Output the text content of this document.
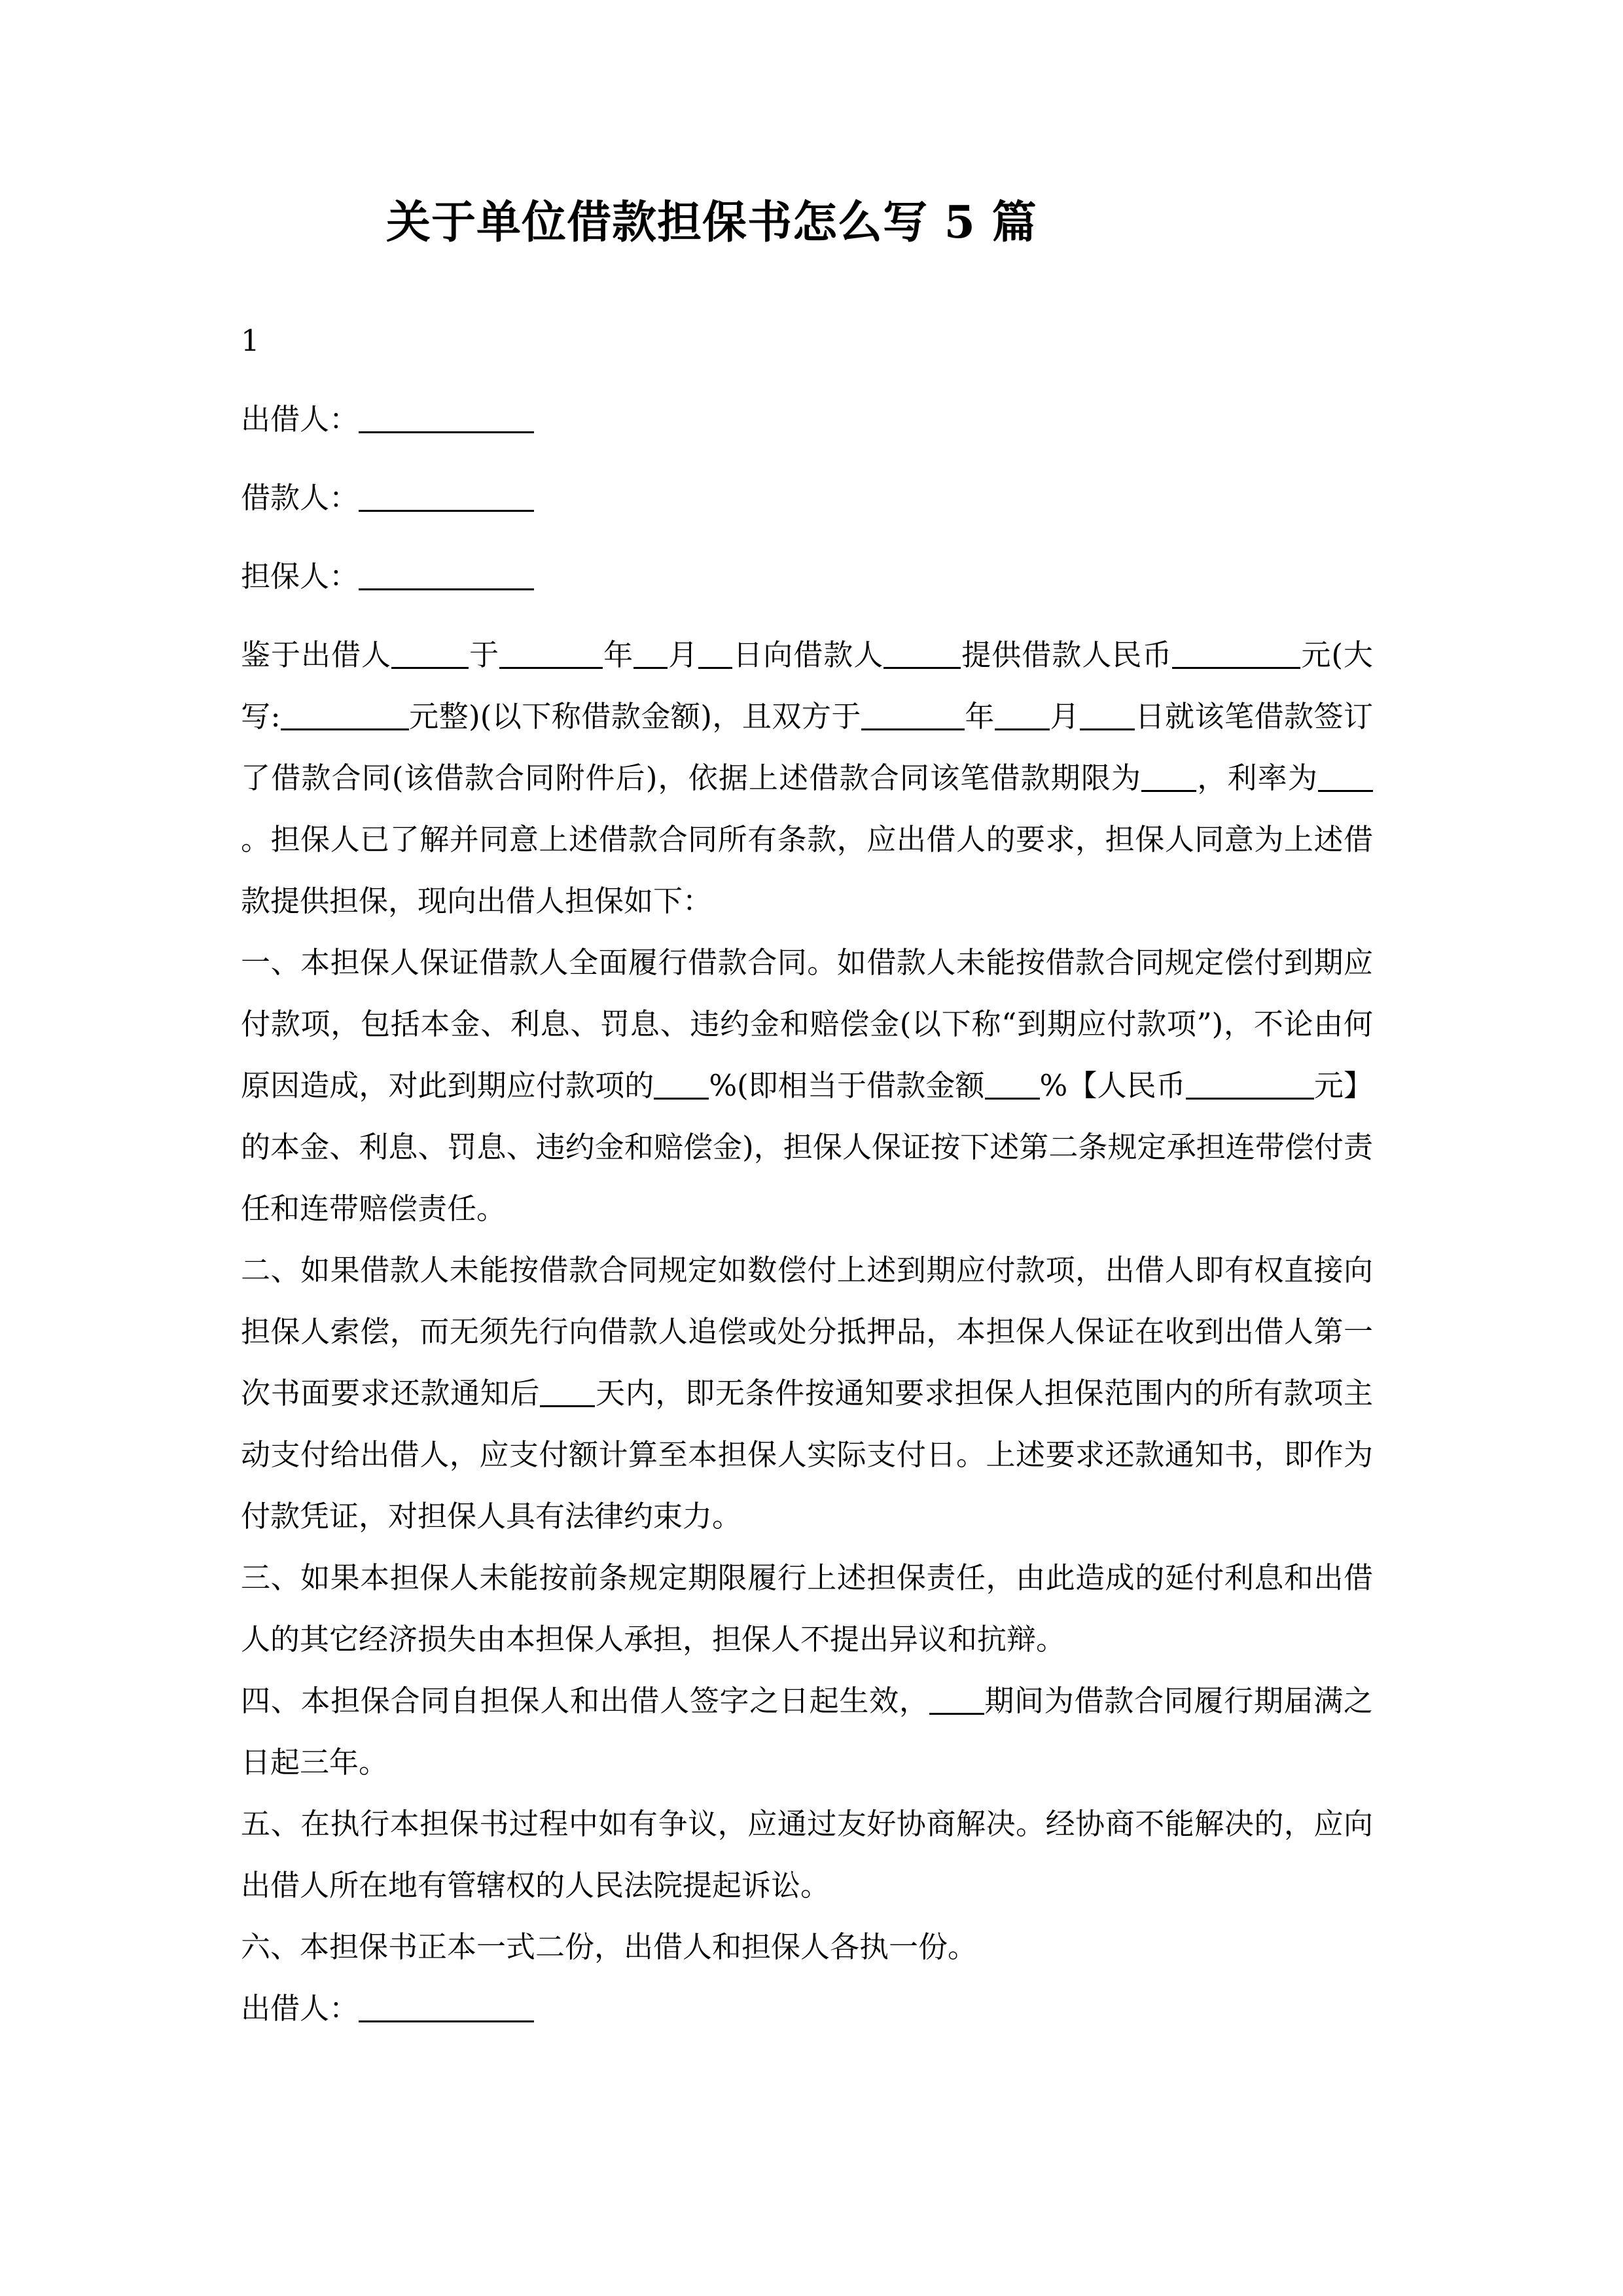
关于单位借款担保书怎么写 5 篇

1

出借人：

借款人：

担保人：

鉴于出借人	于	年 月 日向借款人	提供借款人民币	元(大写:	元整)(以下称借款金额)，且双方于	年 月 日就该笔借款签订了借款合同(该借款合同附件后)，依据上述借款合同该笔借款期限为 ，利率为。担保人已了解并同意上述借款合同所有条款，应出借人的要求，担保人同意为上述借款提供担保，现向出借人担保如下：

一、本担保人保证借款人全面履行借款合同。如借款人未能按借款合同规定偿付到期应付款项，包括本金、利息、罚息、违约金和赔偿金(以下称“到期应付款项”)，不论由何原因造成，对此到期应付款项的 %(即相当于借款金额 %【人民币	元】的本金、利息、罚息、违约金和赔偿金)，担保人保证按下述第二条规定承担连带偿付责任和连带赔偿责任。

二、如果借款人未能按借款合同规定如数偿付上述到期应付款项，出借人即有权直接向担保人索偿，而无须先行向借款人追偿或处分抵押品，本担保人保证在收到出借人第一次书面要求还款通知后 天内，即无条件按通知要求担保人担保范围内的所有款项主动支付给出借人，应支付额计算至本担保人实际支付日。上述要求还款通知书，即作为付款凭证，对担保人具有法律约束力。

三、如果本担保人未能按前条规定期限履行上述担保责任，由此造成的延付利息和出借人的其它经济损失由本担保人承担，担保人不提出异议和抗辩。

四、本担保合同自担保人和出借人签字之日起生效， 期间为借款合同履行期届满之日起三年。

五、在执行本担保书过程中如有争议，应通过友好协商解决。经协商不能解决的，应向出借人所在地有管辖权的人民法院提起诉讼。

六、本担保书正本一式二份，出借人和担保人各执一份。

出借人：
